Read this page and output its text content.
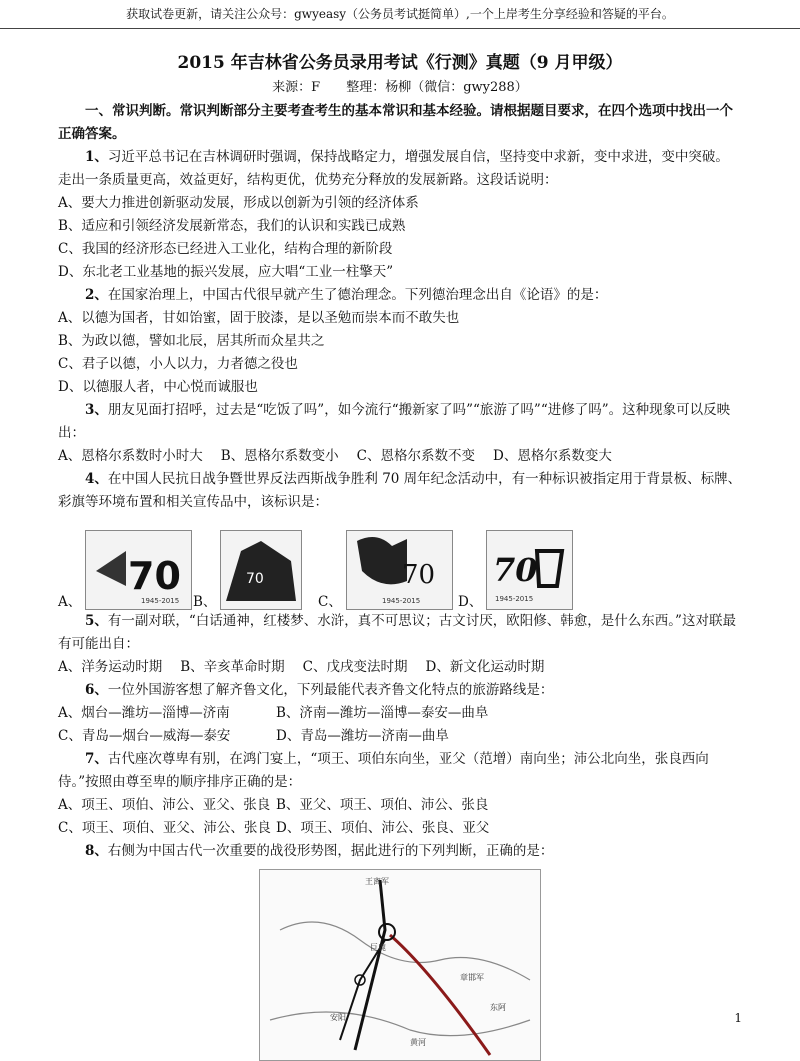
获取试卷更新，请关注公众号：gwyeasy（公务员考试挺简单）,一个上岸考生分享经验和答疑的平台。
2015 年吉林省公务员录用考试《行测》真题（9 月甲级）
来源：F　　整理：杨柳（微信：gwy288）
一、常识判断。常识判断部分主要考查考生的基本常识和基本经验。请根据题目要求，在四个选项中找出一个正确答案。

1、习近平总书记在吉林调研时强调，保持战略定力，增强发展自信，坚持变中求新，变中求进，变中突破。走出一条质量更高，效益更好，结构更优，优势充分释放的发展新路。这段话说明：

A、要大力推进创新驱动发展，形成以创新为引领的经济体系

B、适应和引领经济发展新常态，我们的认识和实践已成熟

C、我国的经济形态已经进入工业化，结构合理的新阶段

D、东北老工业基地的振兴发展，应大唱“工业一柱擎天”

2、在国家治理上，中国古代很早就产生了德治理念。下列德治理念出自《论语》的是：

A、以德为国者，甘如饴蜜，固于胶漆，是以圣勉而崇本而不敢失也

B、为政以德，譬如北辰，居其所而众星共之

C、君子以德，小人以力，力者德之役也

D、以德服人者，中心悦而诚服也

3、朋友见面打招呼，过去是“吃饭了吗”，如今流行“搬新家了吗”“旅游了吗”“进修了吗”。这种现象可以反映出：

A、恩格尔系数时小时大 B、恩格尔系数变小 C、恩格尔系数不变 D、恩格尔系数变大

4、在中国人民抗日战争暨世界反法西斯战争胜利 70 周年纪念活动中，有一种标识被指定用于背景板、标牌、彩旗等环境布置和相关宣传品中，该标识是：

A、
70
1945-2015 B、
70
C、
70
1945-2015	D、
70
1945-2015

5、有一副对联，“白话通神，红楼梦、水浒，真不可思议；古文讨厌，欧阳修、韩愈，是什么东西。”这对联最有可能出自：

A、洋务运动时期 B、辛亥革命时期 C、戊戌变法时期 D、新文化运动时期

6、一位外国游客想了解齐鲁文化，下列最能代表齐鲁文化特点的旅游路线是：

A、烟台—潍坊—淄博—济南	B、济南—潍坊—淄博—泰安—曲阜
C、青岛—烟台—威海—泰安	D、青岛—潍坊—济南—曲阜

7、古代座次尊卑有别，在鸿门宴上，“项王、项伯东向坐，亚父（范增）南向坐；沛公北向坐，张良西向侍。”按照由尊至卑的顺序排序正确的是：

A、项王、项伯、沛公、亚父、张良 B、亚父、项王、项伯、沛公、张良
C、项王、项伯、亚父、沛公、张良 D、项王、项伯、沛公、张良、亚父

8、右侧为中国古代一次重要的战役形势图，据此进行的下列判断，正确的是：

王离军
巨鹿
章邯军
安阳
东阿
黄河
1
